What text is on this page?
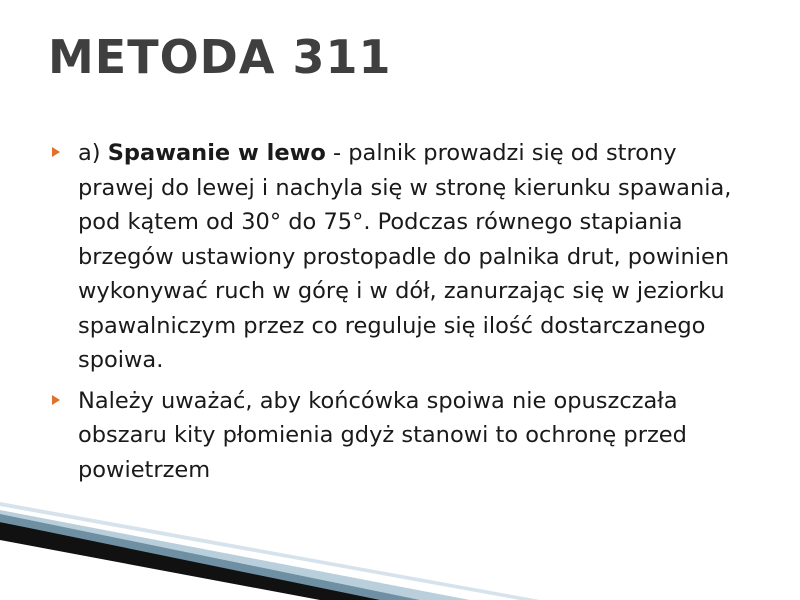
METODA 311
a) Spawanie w lewo - palnik prowadzi się od strony prawej do lewej i nachyla się w stronę kierunku spawania, pod kątem od 30° do 75°. Podczas równego stapiania brzegów ustawiony prostopadle do palnika drut, powinien wykonywać ruch w górę i w dół, zanurzając się w jeziorku spawalniczym przez co reguluje się ilość dostarczanego spoiwa.
Należy uważać, aby końcówka spoiwa nie opuszczała obszaru kity płomienia gdyż stanowi to ochronę przed powietrzem
